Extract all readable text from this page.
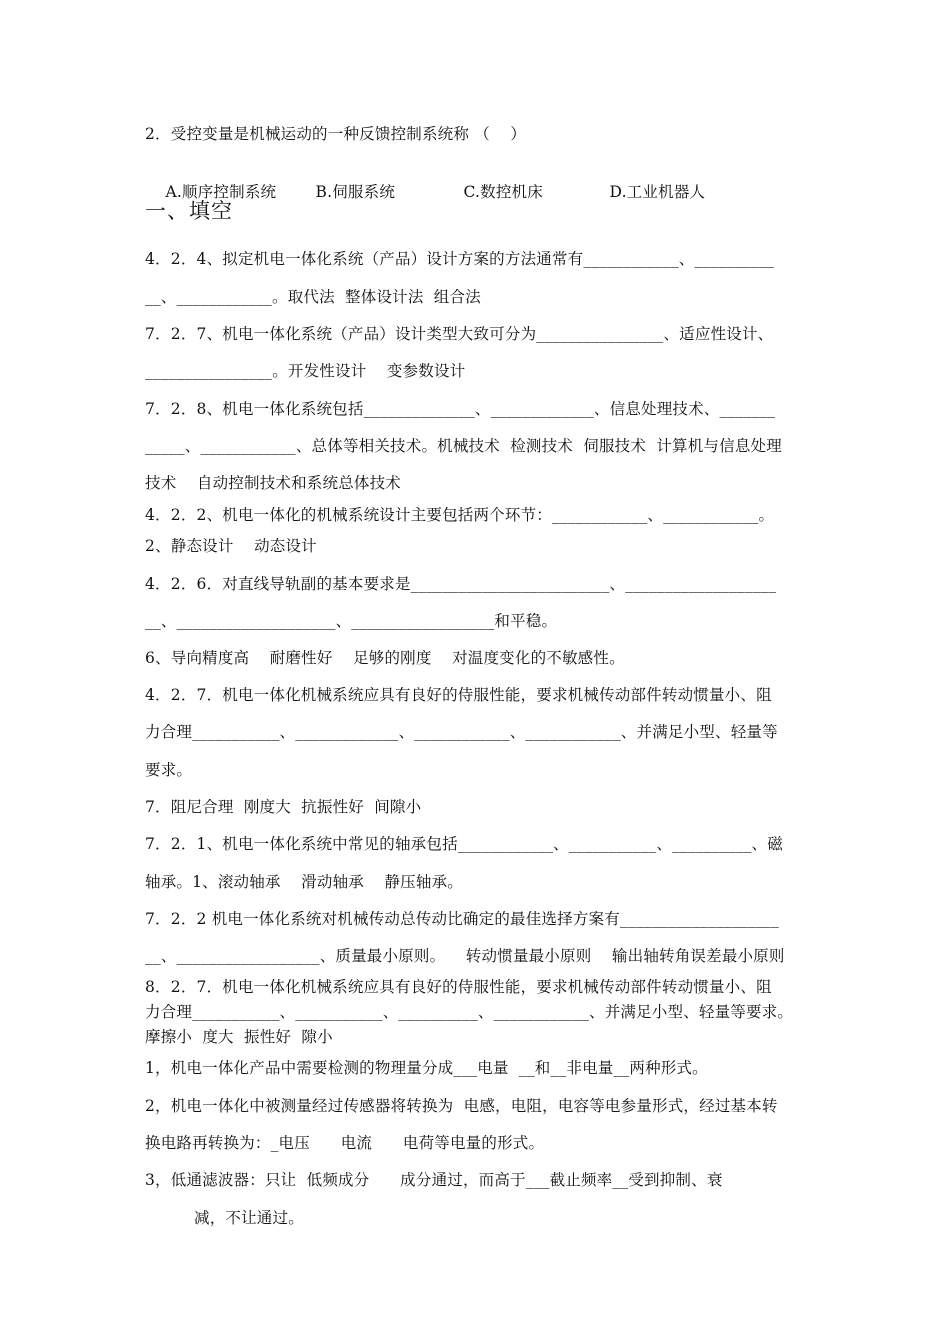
2．受控变量是机械运动的一种反馈控制系统称 （    ）

A.顺序控制系统	B.伺服系统	C.数控机床	D.工业机器人

一、填空

4．2．4、拟定机电一体化系统（产品）设计方案的方法通常有____________、__________

__、____________。取代法  整体设计法  组合法

7．2．7、机电一体化系统（产品）设计类型大致可分为________________、适应性设计、

________________。开发性设计    变参数设计

7．2．8、机电一体化系统包括______________、_____________、信息处理技术、_______

_____、____________、总体等相关技术。机械技术  检测技术  伺服技术  计算机与信息处理

技术    自动控制技术和系统总体技术

4．2．2、机电一体化的机械系统设计主要包括两个环节：____________、____________。

2、静态设计    动态设计

4．2．6．对直线导轨副的基本要求是_________________________、___________________

__、____________________、__________________和平稳。

6、导向精度高    耐磨性好    足够的刚度    对温度变化的不敏感性。

4．2．7．机电一体化机械系统应具有良好的侍服性能，要求机械传动部件转动惯量小、阻

力合理___________、_____________、____________、____________、并满足小型、轻量等

要求。

7．阻尼合理  刚度大  抗振性好  间隙小

7．2．1、机电一体化系统中常见的轴承包括____________、___________、__________、磁

轴承。1、滚动轴承    滑动轴承    静压轴承。

7．2．2 机电一体化系统对机械传动总传动比确定的最佳选择方案有____________________

__、__________________、质量最小原则。    转动惯量最小原则    输出轴转角误差最小原则

8．2．7．机电一体化机械系统应具有良好的侍服性能，要求机械传动部件转动惯量小、阻

力合理___________、___________、__________、____________、并满足小型、轻量等要求。

摩擦小  度大  振性好  隙小

1，机电一体化产品中需要检测的物理量分成___电量  __和__非电量__两种形式。

2，机电一体化中被测量经过传感器将转换为  电感，电阻，电容等电参量形式，经过基本转

换电路再转换为：_电压      电流      电荷等电量的形式。

3，低通滤波器：只让  低频成分      成分通过，而高于___截止频率__受到抑制、衰

减，不让通过。
